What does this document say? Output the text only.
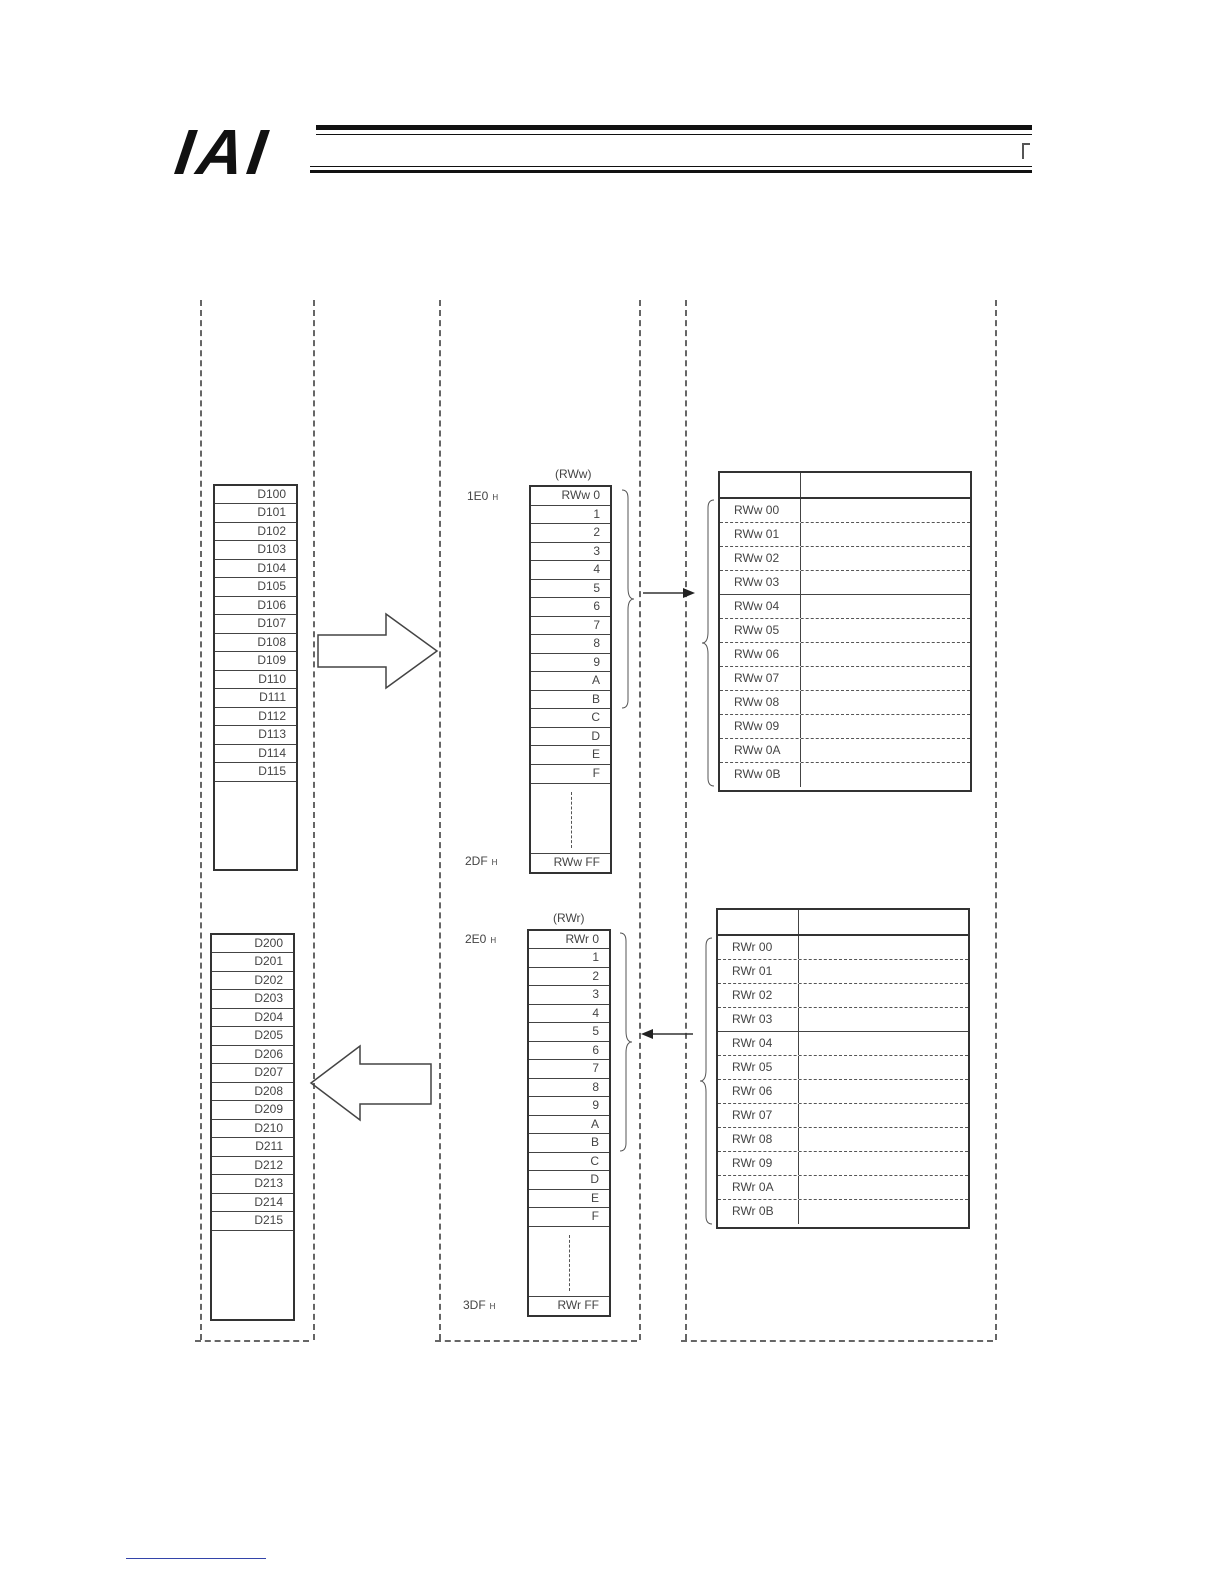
IAI
D100
D101
D102
D103
D104
D105
D106
D107
D108
D109
D110
D111
D112
D113
D114
D115
D200
D201
D202
D203
D204
D205
D206
D207
D208
D209
D210
D211
D212
D213
D214
D215
(RWw)
1E0 H
2DF H
RWw 0
1
2
3
4
5
6
7
8
9
A
B
C
D
E
F
RWw FF
(RWr)
2E0 H
3DF H
RWr 0
1
2
3
4
5
6
7
8
9
A
B
C
D
E
F
RWr FF
RWw 00
RWw 01
RWw 02
RWw 03
RWw 04
RWw 05
RWw 06
RWw 07
RWw 08
RWw 09
RWw 0A
RWw 0B
RWr 00
RWr 01
RWr 02
RWr 03
RWr 04
RWr 05
RWr 06
RWr 07
RWr 08
RWr 09
RWr 0A
RWr 0B
